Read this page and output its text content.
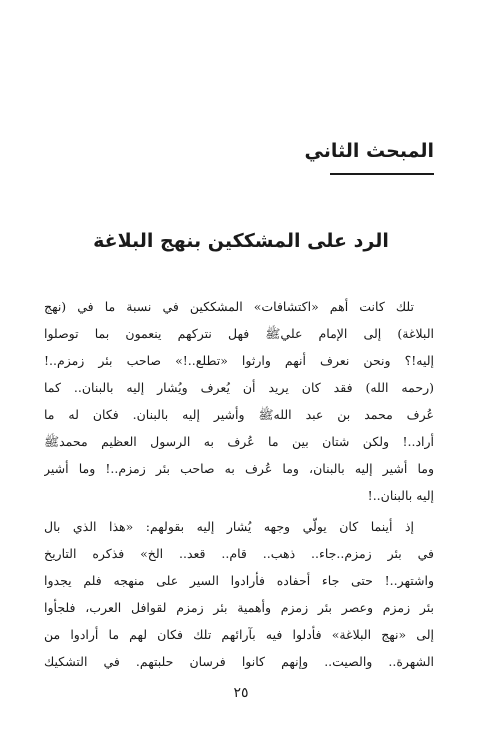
المبحث الثاني
الرد على المشككين بنهج البلاغة
تلك كانت أهم «اكتشافات» المشككين في نسبة ما في (نهج
البلاغة) إلى الإمام عليﷺ فهل نتركهم ينعمون بما توصلوا
إليه!؟ ونحن نعرف أنهم وارثوا «تطلع..!» صاحب بئر زمزم..!
(رحمه الله) فقد كان يريد أن يُعرف ويُشار إليه بالبنان.. كما
عُرف محمد بن عبد اللهﷺ وأشير إليه بالبنان. فكان له ما
أراد..! ولكن شتان بين ما عُرف به الرسول العظيم محمدﷺ
وما أشير إليه بالبنان، وما عُرف به صاحب بئر زمزم..! وما أشير
إليه بالبنان..!
إذ أينما كان يولّي وجهه يُشار إليه بقولهم: «هذا الذي بال
في بئر زمزم..جاء.. ذهب.. قام.. قعد.. الخ» فذكره التاريخ
واشتهر..! حتى جاء أحفاده فأرادوا السير على منهجه فلم يجدوا
بئر زمزم وعصر بئر زمزم وأهمية بئر زمزم لقوافل العرب، فلجأوا
إلى «نهج البلاغة» فأدلوا فيه بآرائهم تلك فكان لهم ما أرادوا من
الشهرة.. والصيت.. وإنهم كانوا فرسان حلبتهم. في التشكيك
٢٥
